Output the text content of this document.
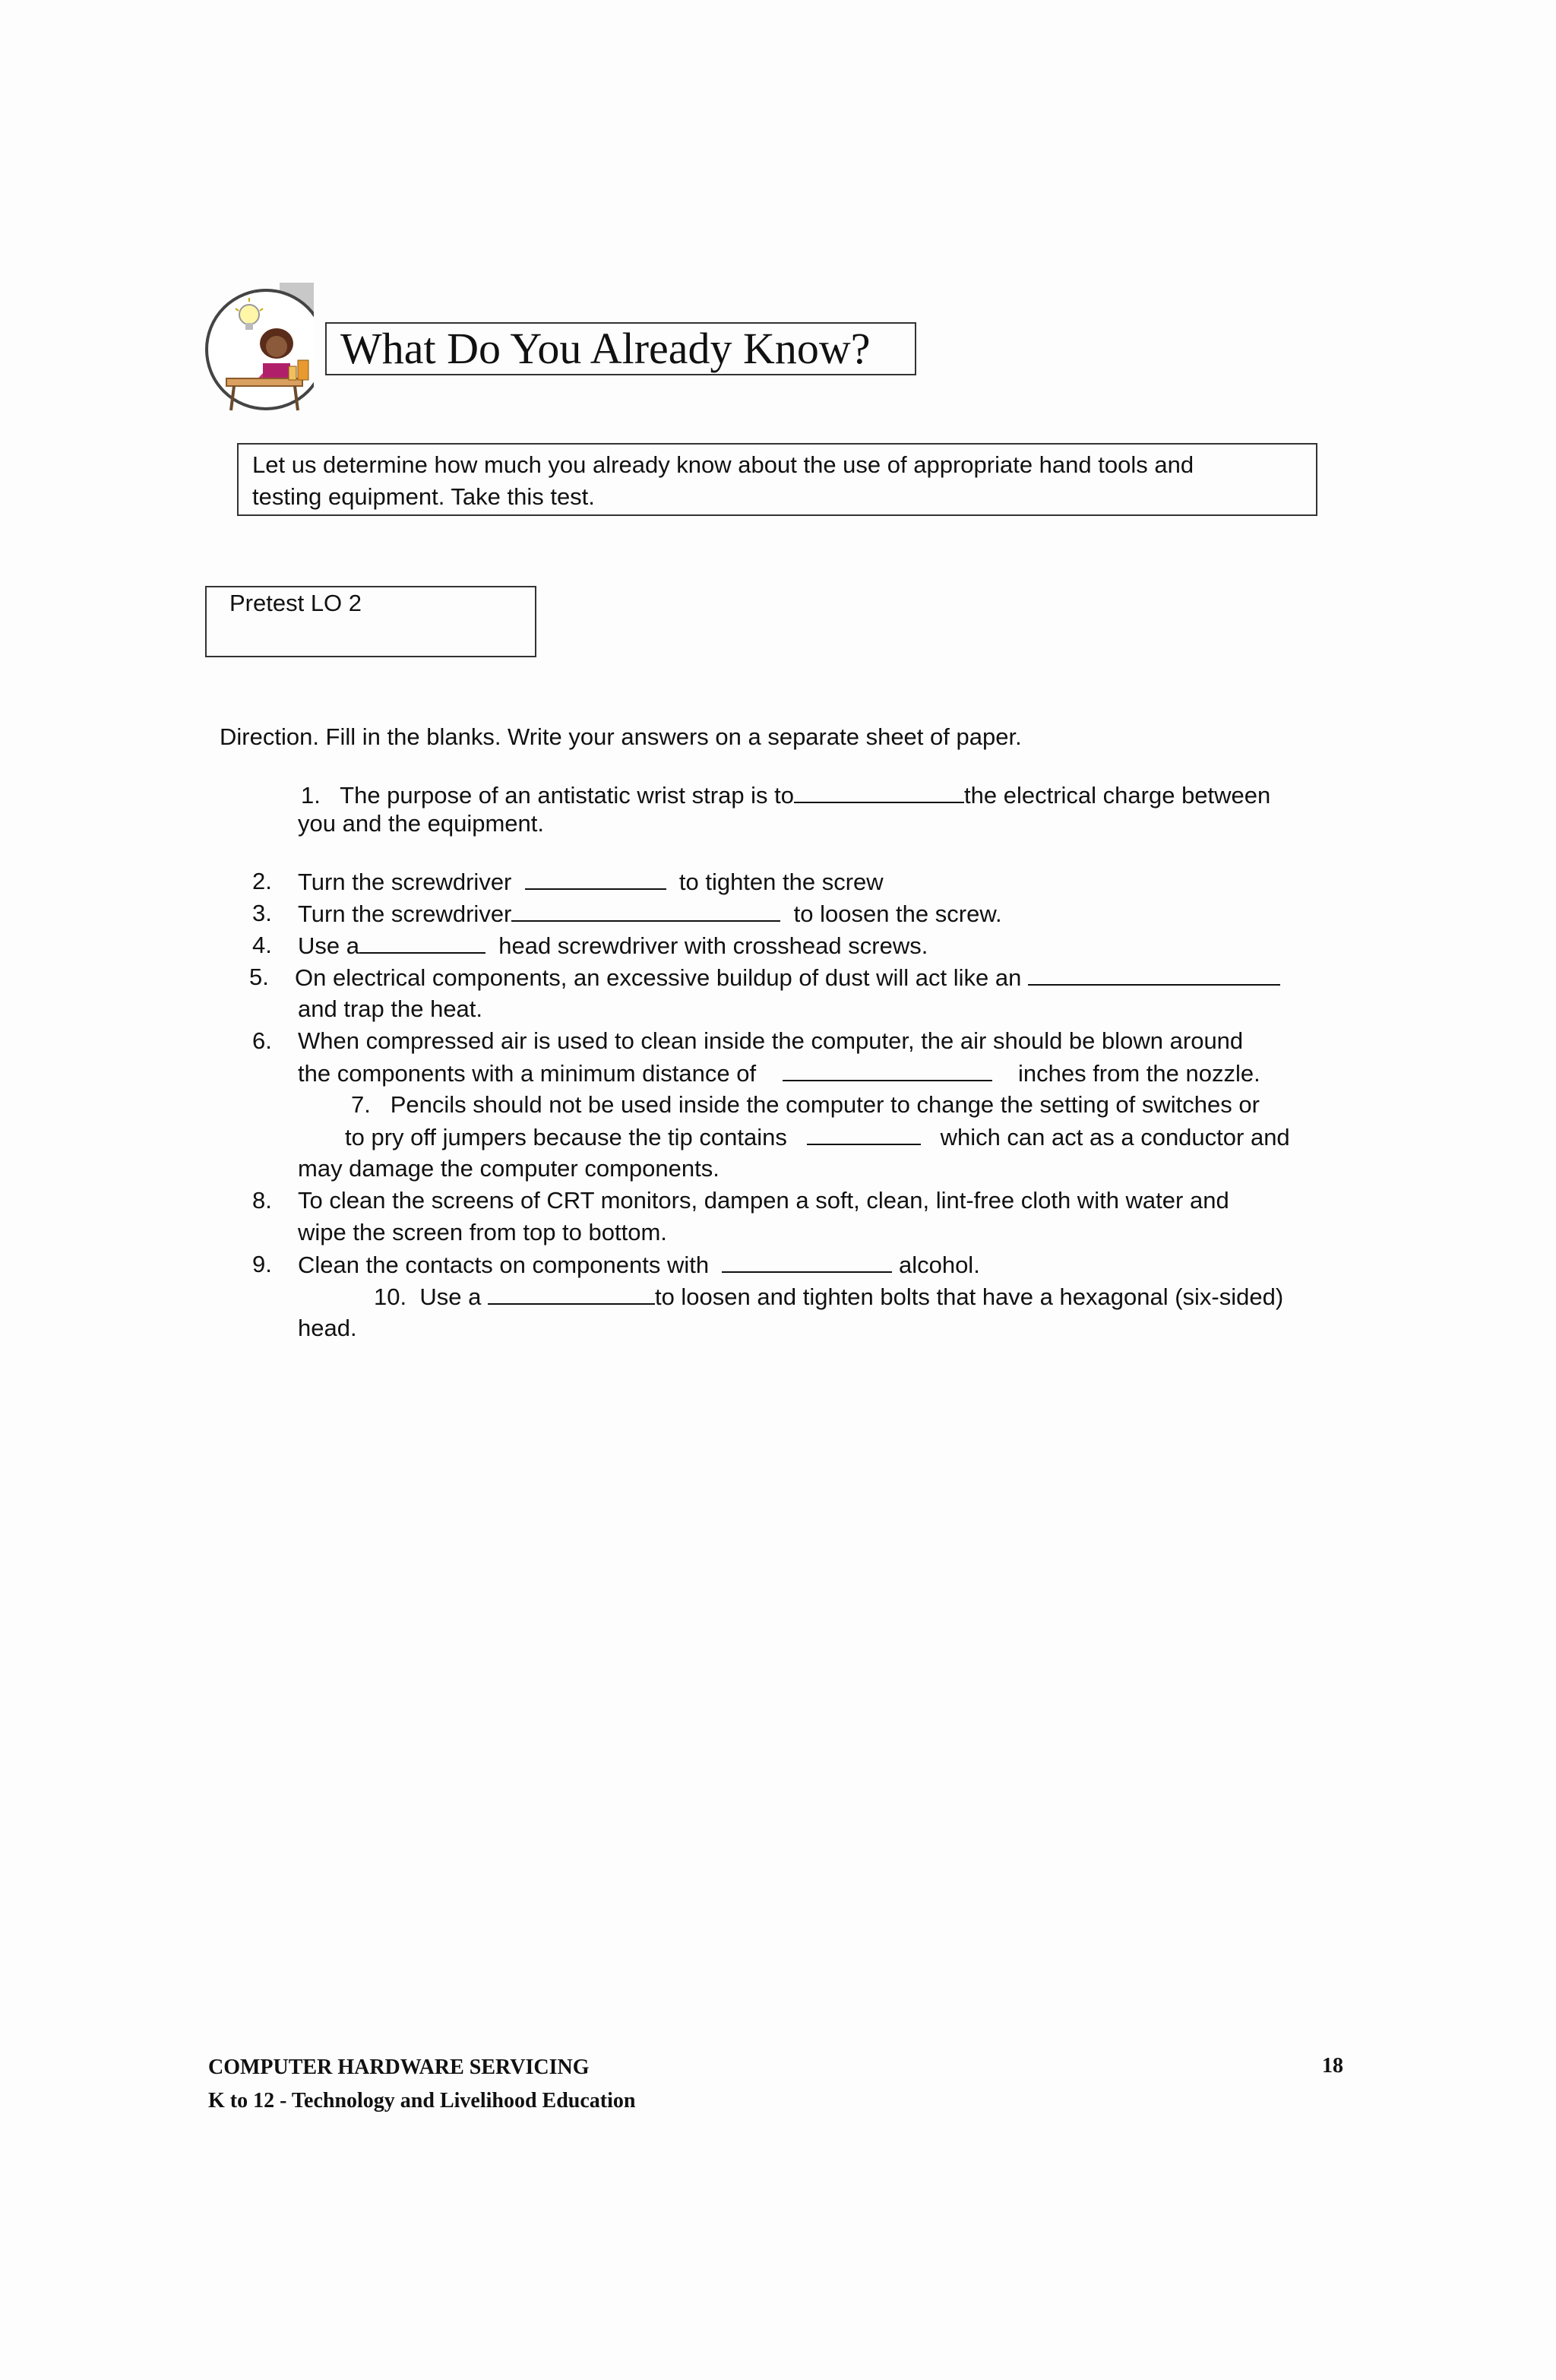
What Do You Already Know?
Let us determine how much you already know about the use of appropriate hand tools and
testing equipment. Take this test.
Pretest LO 2
Direction. Fill in the blanks. Write your answers on a separate sheet of paper.
1. The purpose of an antistatic wrist strap is to	the electrical charge between
you and the equipment.
2. Turn the screwdriver	to tighten the screw
3. Turn the screwdriver	to loosen the screw.
4. Use a	head screwdriver with crosshead screws.
5. On electrical components, an excessive buildup of dust will act like an
and trap the heat.
6. When compressed air is used to clean inside the computer, the air should be blown around
the components with a minimum distance of	inches from the nozzle.
7. Pencils should not be used inside the computer to change the setting of switches or
to pry off jumpers because the tip contains	which can act as a conductor and
may damage the computer components.
8. To clean the screens of CRT monitors, dampen a soft, clean, lint-free cloth with water and
wipe the screen from top to bottom.
9. Clean the contacts on components with	alcohol.
10. Use a	to loosen and tighten bolts that have a hexagonal (six-sided)
head.
COMPUTER HARDWARE SERVICING
K to 12 - Technology and Livelihood Education
18
